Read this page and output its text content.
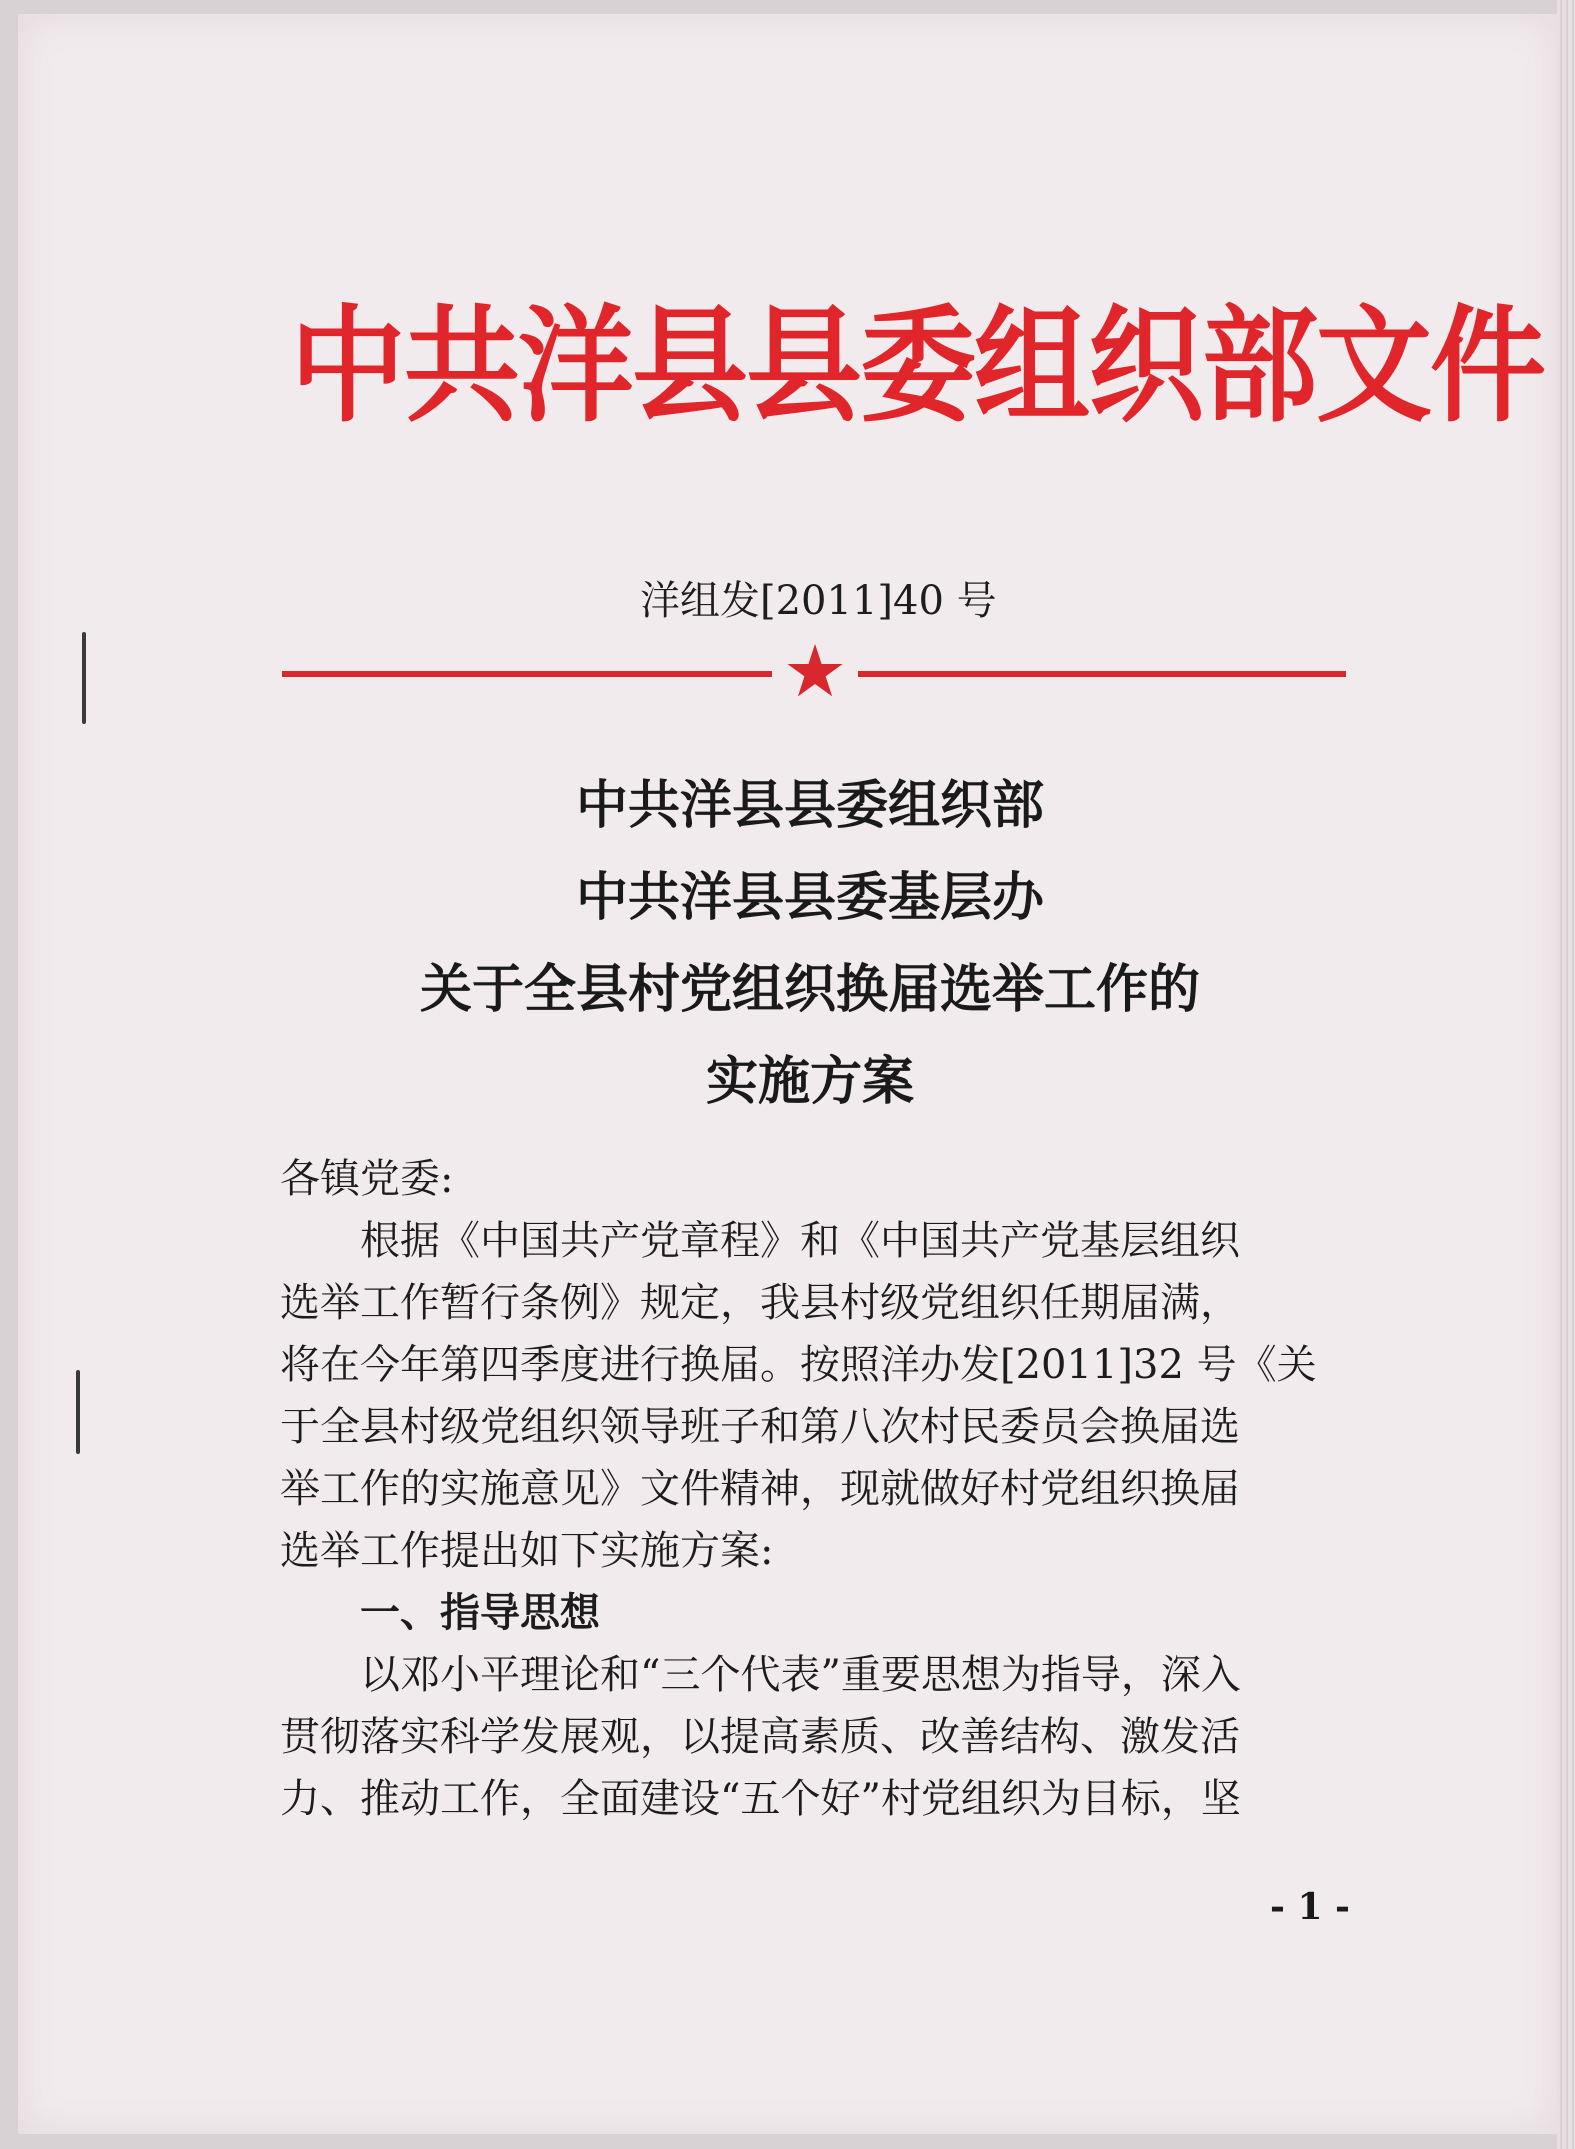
中共洋县县委组织部文件
洋组发[2011]40 号
★
中共洋县县委组织部
中共洋县县委基层办
关于全县村党组织换届选举工作的
实施方案
各镇党委:
根据《中国共产党章程》和《中国共产党基层组织
选举工作暂行条例》规定，我县村级党组织任期届满，
将在今年第四季度进行换届。按照洋办发[2011]32 号《关
于全县村级党组织领导班子和第八次村民委员会换届选
举工作的实施意见》文件精神，现就做好村党组织换届
选举工作提出如下实施方案:
一、指导思想
以邓小平理论和“三个代表”重要思想为指导，深入
贯彻落实科学发展观，以提高素质、改善结构、激发活
力、推动工作，全面建设“五个好”村党组织为目标，坚
- 1 -
